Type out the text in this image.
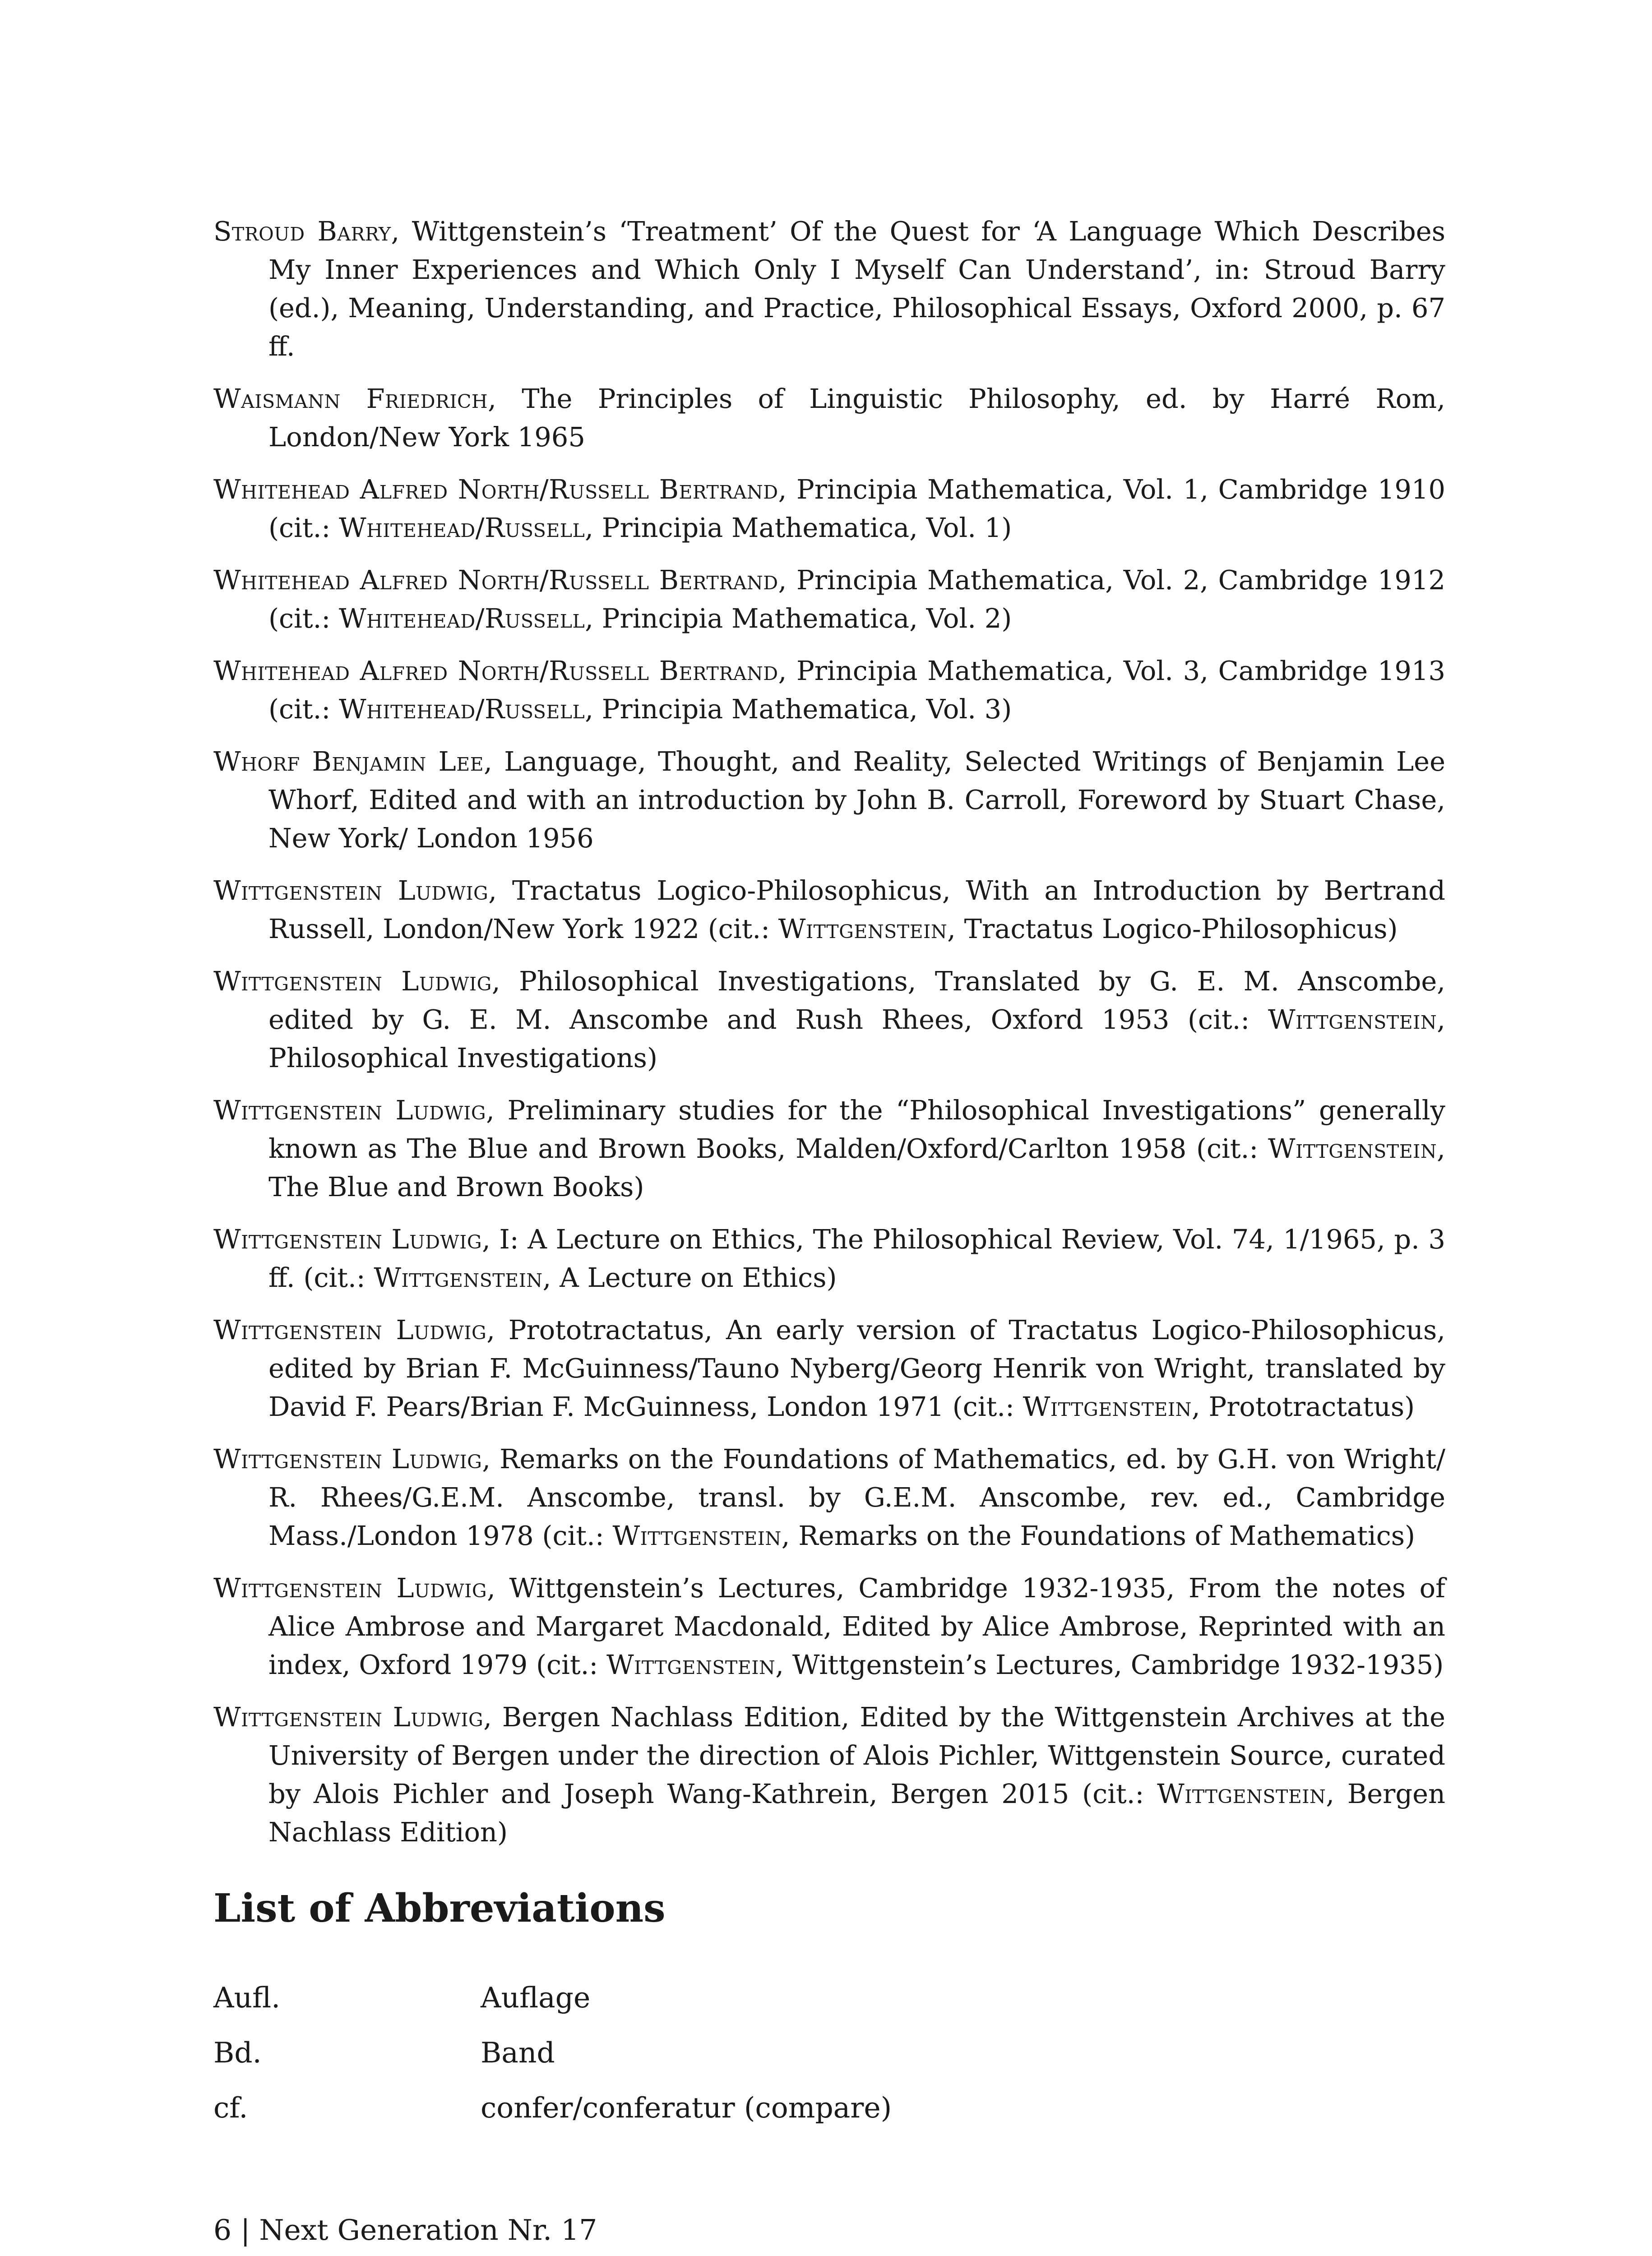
Stroud Barry, Wittgenstein’s ‘Treatment’ Of the Quest for ‘A Language Which Describes My Inner Experiences and Which Only I Myself Can Understand’, in: Stroud Barry (ed.), Meaning, Understanding, and Practice, Philosophical Essays, Oxford 2000, p. 67 ff.
Waismann Friedrich, The Principles of Linguistic Philosophy, ed. by Harré Rom, London/New York 1965
Whitehead Alfred North/Russell Bertrand, Principia Mathematica, Vol. 1, Cambridge 1910 (cit.: Whitehead/Russell, Principia Mathematica, Vol. 1)
Whitehead Alfred North/Russell Bertrand, Principia Mathematica, Vol. 2, Cambridge 1912 (cit.: Whitehead/Russell, Principia Mathematica, Vol. 2)
Whitehead Alfred North/Russell Bertrand, Principia Mathematica, Vol. 3, Cambridge 1913 (cit.: Whitehead/Russell, Principia Mathematica, Vol. 3)
Whorf Benjamin Lee, Language, Thought, and Reality, Selected Writings of Benjamin Lee Whorf, Edited and with an introduction by John B. Carroll, Foreword by Stuart Chase, New York/ London 1956
Wittgenstein Ludwig, Tractatus Logico-Philosophicus, With an Introduction by Bertrand Russell, London/New York 1922 (cit.: Wittgenstein, Tractatus Logico-Philosophicus)
Wittgenstein Ludwig, Philosophical Investigations, Translated by G. E. M. Anscombe, edited by G. E. M. Anscombe and Rush Rhees, Oxford 1953 (cit.: Wittgenstein, Philosophical Investigations)
Wittgenstein Ludwig, Preliminary studies for the “Philosophical Investigations” generally known as The Blue and Brown Books, Malden/Oxford/Carlton 1958 (cit.: Wittgenstein, The Blue and Brown Books)
Wittgenstein Ludwig, I: A Lecture on Ethics, The Philosophical Review, Vol. 74, 1/1965, p. 3 ff. (cit.: Wittgenstein, A Lecture on Ethics)
Wittgenstein Ludwig, Prototractatus, An early version of Tractatus Logico-Philosophicus, edited by Brian F. McGuinness/Tauno Nyberg/Georg Henrik von Wright, translated by David F. Pears/Brian F. McGuinness, London 1971 (cit.: Wittgenstein, Prototractatus)
Wittgenstein Ludwig, Remarks on the Foundations of Mathematics, ed. by G.H. von Wright/ R. Rhees/G.E.M. Anscombe, transl. by G.E.M. Anscombe, rev. ed., Cambridge Mass./London 1978 (cit.: Wittgenstein, Remarks on the Foundations of Mathematics)
Wittgenstein Ludwig, Wittgenstein’s Lectures, Cambridge 1932-1935, From the notes of Alice Ambrose and Margaret Macdonald, Edited by Alice Ambrose, Reprinted with an index, Oxford 1979 (cit.: Wittgenstein, Wittgenstein’s Lectures, Cambridge 1932-1935)
Wittgenstein Ludwig, Bergen Nachlass Edition, Edited by the Wittgenstein Archives at the University of Bergen under the direction of Alois Pichler, Wittgenstein Source, curated by Alois Pichler and Joseph Wang-Kathrein, Bergen 2015 (cit.: Wittgenstein, Bergen Nachlass Edition)
List of Abbreviations
Aufl.	Auflage
Bd.	Band
cf.	confer/conferatur (compare)
6 | Next Generation Nr. 17
